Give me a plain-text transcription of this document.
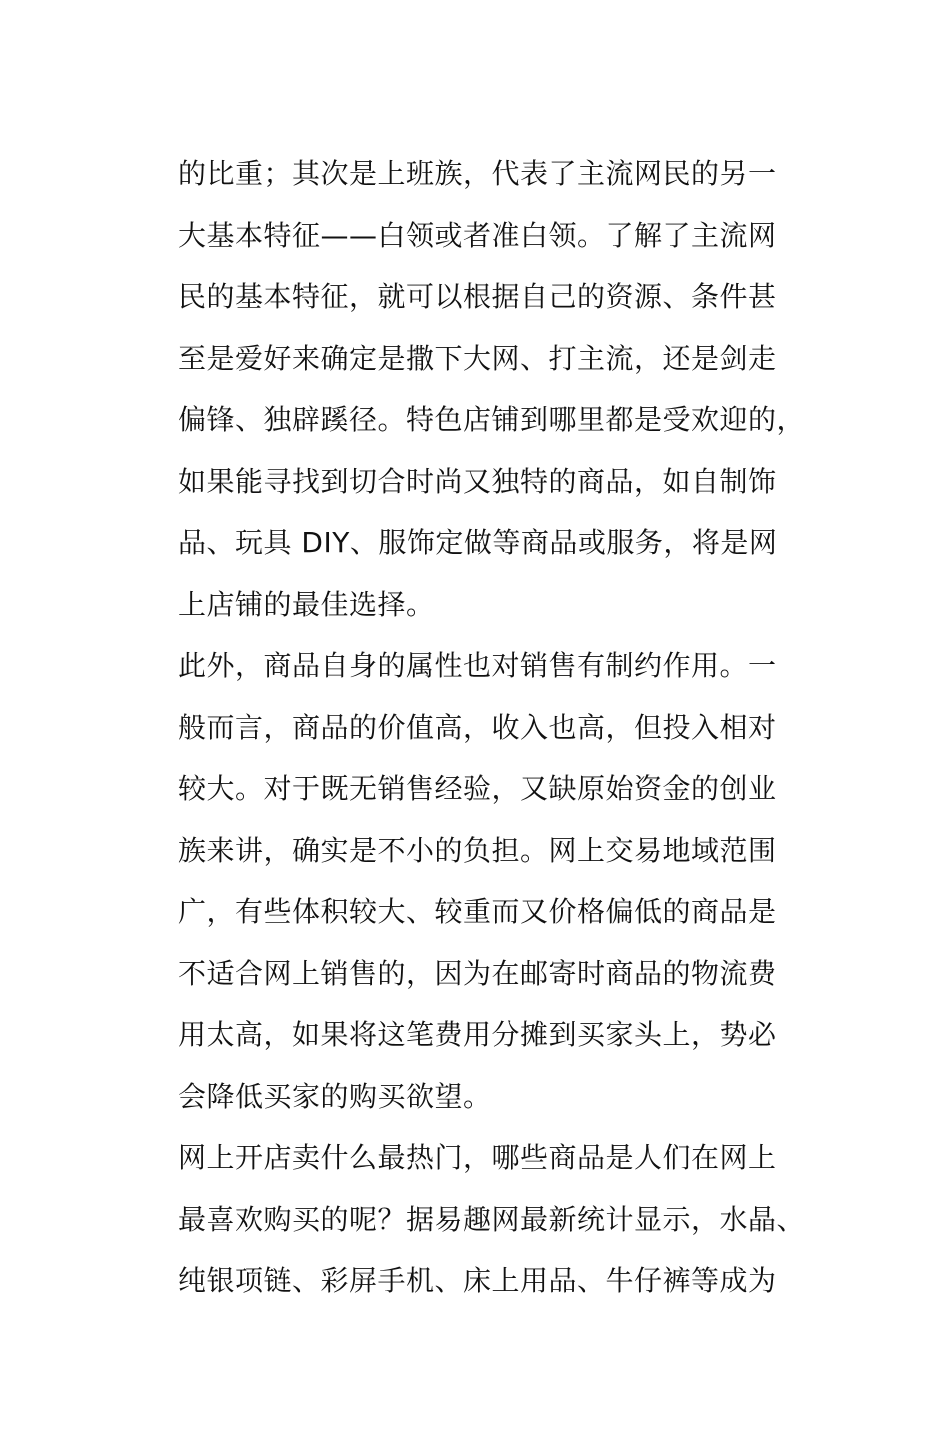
的比重；其次是上班族，代表了主流网民的另一
大基本特征——白领或者准白领。了解了主流网
民的基本特征，就可以根据自己的资源、条件甚
至是爱好来确定是撒下大网、打主流，还是剑走
偏锋、独辟蹊径。特色店铺到哪里都是受欢迎的，
如果能寻找到切合时尚又独特的商品，如自制饰
品、玩具 DIY、服饰定做等商品或服务，将是网
上店铺的最佳选择。
此外，商品自身的属性也对销售有制约作用。一
般而言，商品的价值高，收入也高，但投入相对
较大。对于既无销售经验，又缺原始资金的创业
族来讲，确实是不小的负担。网上交易地域范围
广，有些体积较大、较重而又价格偏低的商品是
不适合网上销售的，因为在邮寄时商品的物流费
用太高，如果将这笔费用分摊到买家头上，势必
会降低买家的购买欲望。
网上开店卖什么最热门，哪些商品是人们在网上
最喜欢购买的呢？据易趣网最新统计显示，水晶、
纯银项链、彩屏手机、床上用品、牛仔裤等成为
